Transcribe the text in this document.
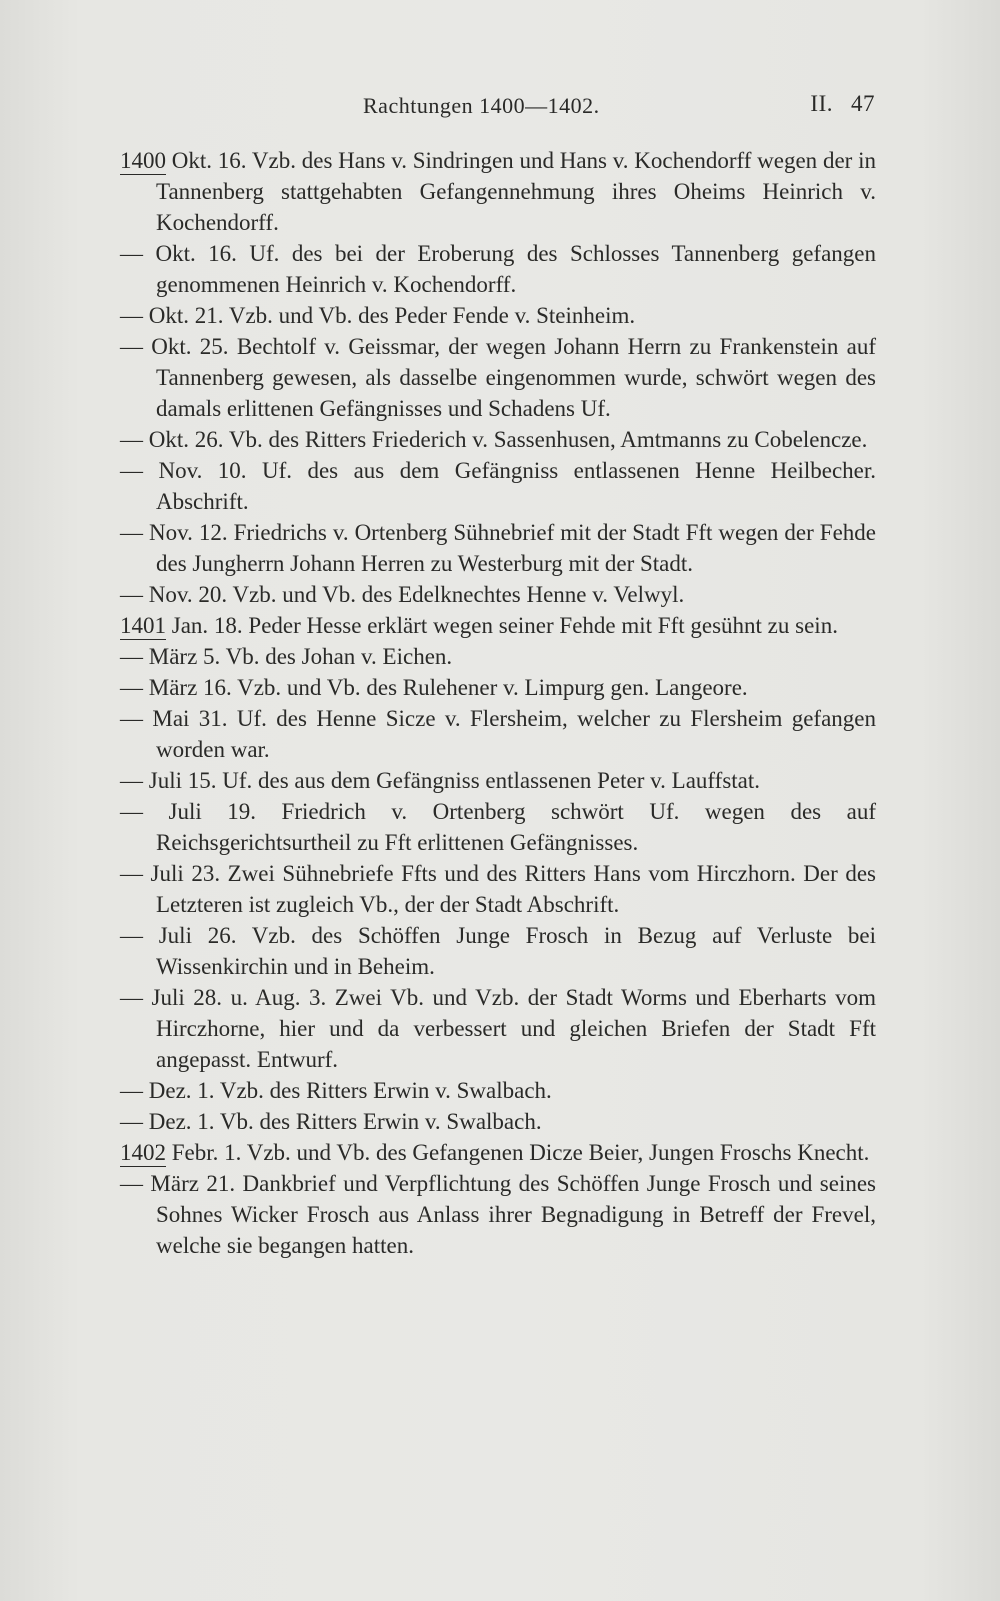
Rachtungen 1400—1402.	II. 47
1400 Okt. 16. Vzb. des Hans v. Sindringen und Hans v. Kochendorff wegen der in Tannenberg stattgehabten Gefangennehmung ihres Oheims Heinrich v. Kochendorff.
— Okt. 16. Uf. des bei der Eroberung des Schlosses Tannenberg gefangen genommenen Heinrich v. Kochendorff.
— Okt. 21. Vzb. und Vb. des Peder Fende v. Steinheim.
— Okt. 25. Bechtolf v. Geissmar, der wegen Johann Herrn zu Frankenstein auf Tannenberg gewesen, als dasselbe eingenommen wurde, schwört wegen des damals erlittenen Gefängnisses und Schadens Uf.
— Okt. 26. Vb. des Ritters Friederich v. Sassenhusen, Amtmanns zu Cobelencze.
— Nov. 10. Uf. des aus dem Gefängniss entlassenen Henne Heilbecher. Abschrift.
— Nov. 12. Friedrichs v. Ortenberg Sühnebrief mit der Stadt Fft wegen der Fehde des Jungherrn Johann Herren zu Westerburg mit der Stadt.
— Nov. 20. Vzb. und Vb. des Edelknechtes Henne v. Velwyl.
1401 Jan. 18. Peder Hesse erklärt wegen seiner Fehde mit Fft gesühnt zu sein.
— März 5. Vb. des Johan v. Eichen.
— März 16. Vzb. und Vb. des Rulehener v. Limpurg gen. Langeore.
— Mai 31. Uf. des Henne Sicze v. Flersheim, welcher zu Flersheim gefangen worden war.
— Juli 15. Uf. des aus dem Gefängniss entlassenen Peter v. Lauffstat.
— Juli 19. Friedrich v. Ortenberg schwört Uf. wegen des auf Reichsgerichtsurtheil zu Fft erlittenen Gefängnisses.
— Juli 23. Zwei Sühnebriefe Ffts und des Ritters Hans vom Hirczhorn. Der des Letzteren ist zugleich Vb., der der Stadt Abschrift.
— Juli 26. Vzb. des Schöffen Junge Frosch in Bezug auf Verluste bei Wissenkirchin und in Beheim.
— Juli 28. u. Aug. 3. Zwei Vb. und Vzb. der Stadt Worms und Eberharts vom Hirczhorne, hier und da verbessert und gleichen Briefen der Stadt Fft angepasst. Entwurf.
— Dez. 1. Vzb. des Ritters Erwin v. Swalbach.
— Dez. 1. Vb. des Ritters Erwin v. Swalbach.
1402 Febr. 1. Vzb. und Vb. des Gefangenen Dicze Beier, Jungen Froschs Knecht.
— März 21. Dankbrief und Verpflichtung des Schöffen Junge Frosch und seines Sohnes Wicker Frosch aus Anlass ihrer Begnadigung in Betreff der Frevel, welche sie begangen hatten.
